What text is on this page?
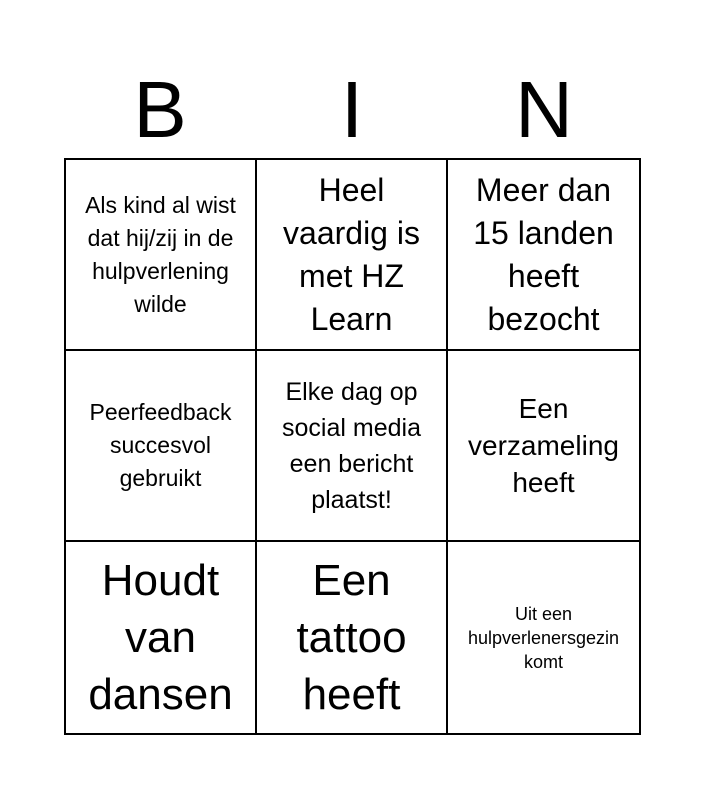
B	I	N
Als kind al wist dat hij/zij in de hulpverlening wilde
Heel vaardig is met HZ Learn
Meer dan 15 landen heeft bezocht
Peerfeedback succesvol gebruikt
Elke dag op social media een bericht plaatst!
Een verzameling heeft
Houdt van dansen
Een tattoo heeft
Uit een hulpverlenersgezin komt
